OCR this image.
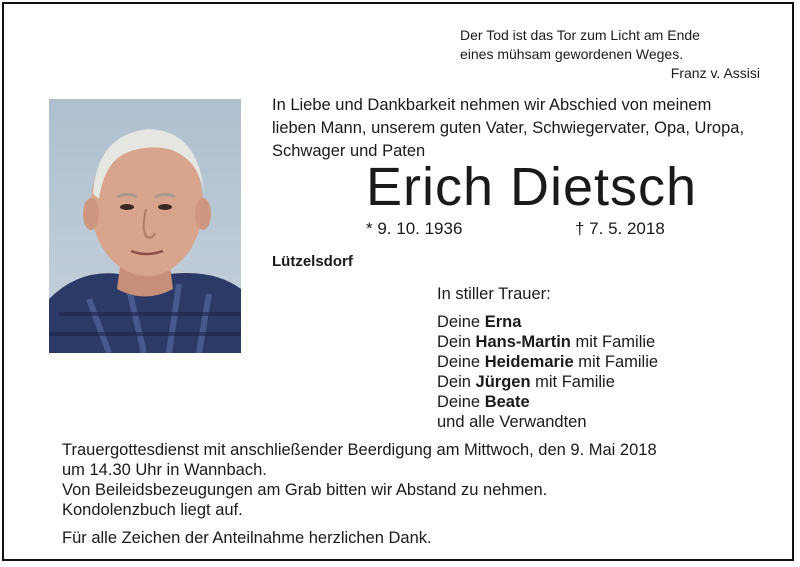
Der Tod ist das Tor zum Licht am Ende
eines mühsam gewordenen Weges.

Franz v. Assisi
In Liebe und Dankbarkeit nehmen wir Abschied von meinem
lieben Mann, unserem guten Vater, Schwiegervater, Opa, Uropa,
Schwager und Paten
Erich Dietsch
* 9. 10. 1936	† 7. 5. 2018
Lützelsdorf
In stiller Trauer:
Deine Erna
Dein Hans-Martin mit Familie
Deine Heidemarie mit Familie
Dein Jürgen mit Familie
Deine Beate
und alle Verwandten
Trauergottesdienst mit anschließender Beerdigung am Mittwoch, den 9. Mai 2018
um 14.30 Uhr in Wannbach.
Von Beileidsbezeugungen am Grab bitten wir Abstand zu nehmen.
Kondolenzbuch liegt auf.
Für alle Zeichen der Anteilnahme herzlichen Dank.
